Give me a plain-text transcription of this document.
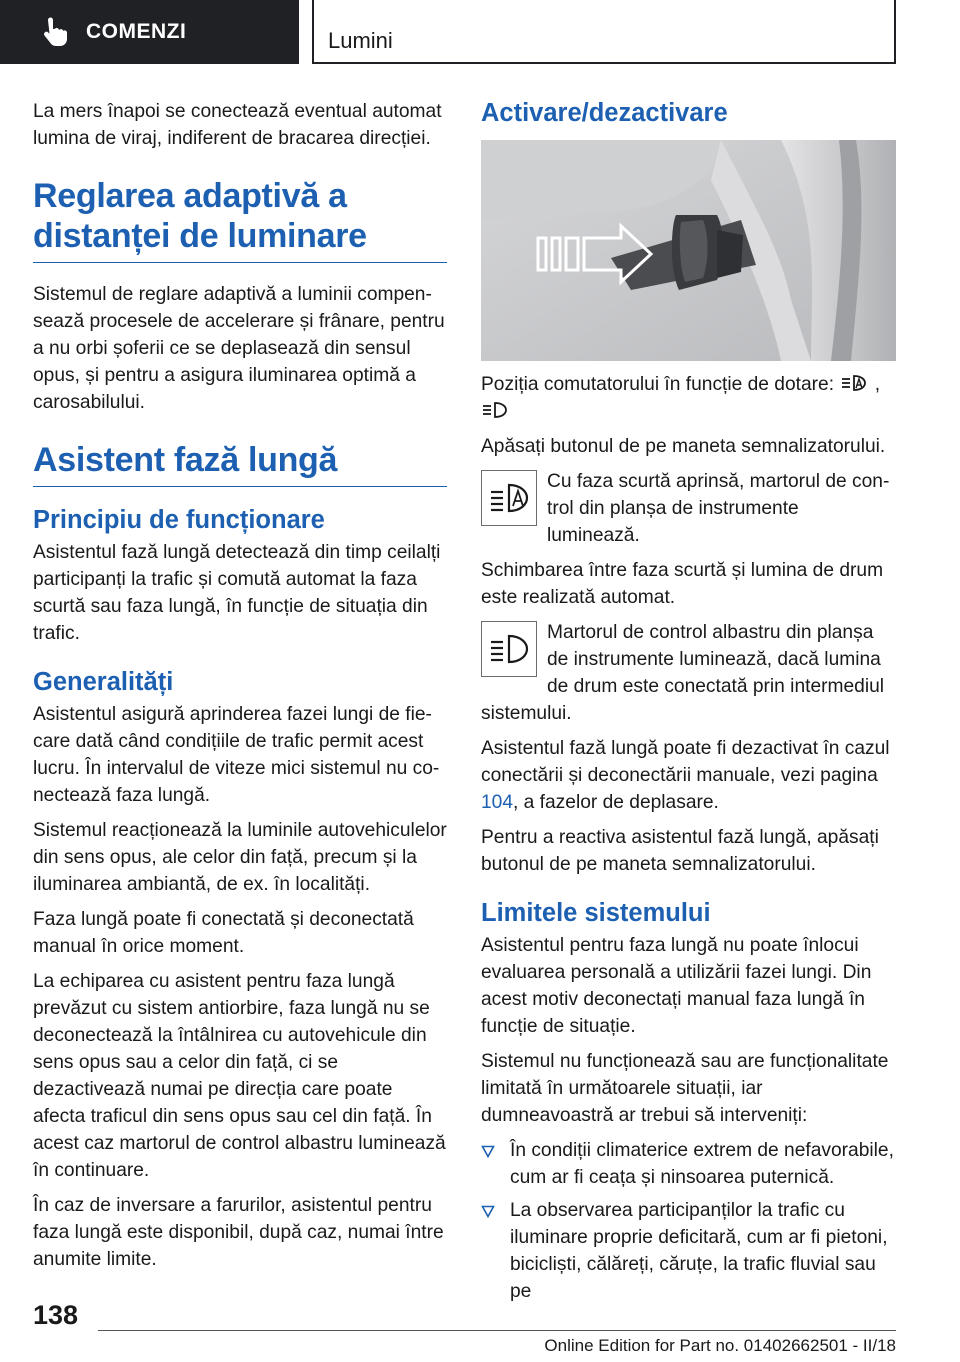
COMENZI	Lumini

La mers înapoi se conectează eventual automat lumina de viraj, indiferent de bracarea direcției.

Reglarea adaptivă a distanței de luminare

Sistemul de reglare adaptivă a luminii compensează procesele de accelerare și frânare, pentru a nu orbi șoferii ce se deplasează din sensul opus, și pentru a asigura iluminarea optimă a carosabilului.

Asistent fază lungă
Principiu de funcționare

Asistentul fază lungă detectează din timp ceilalți participanți la trafic și comută automat la faza scurtă sau faza lungă, în funcție de situația din trafic.

Generalități

Asistentul asigură aprinderea fazei lungi de fiecare dată când condițiile de trafic permit acest lucru. În intervalul de viteze mici sistemul nu conectează faza lungă.

Sistemul reacționează la luminile autovehiculelor din sens opus, ale celor din față, precum și la iluminarea ambiantă, de ex. în localități.

Faza lungă poate fi conectată și deconectată manual în orice moment.

La echiparea cu asistent pentru faza lungă prevăzut cu sistem antiorbire, faza lungă nu se deconectează la întâlnirea cu autovehicule din sens opus sau a celor din față, ci se dezactivează numai pe direcția care poate afecta traficul din sens opus sau cel din față. În acest caz martorul de control albastru luminează în continuare.

În caz de inversare a farurilor, asistentul pentru faza lungă este disponibil, după caz, numai între anumite limite.

Activare/dezactivare

Poziția comutatorului în funcție de dotare: ,

Apăsați butonul de pe maneta semnalizatorului.

Cu faza scurtă aprinsă, martorul de control din planșa de instrumente luminează.

Schimbarea între faza scurtă și lumina de drum este realizată automat.

Martorul de control albastru din planșa de instrumente luminează, dacă lumina de drum este conectată prin intermediul sistemului.

Asistentul fază lungă poate fi dezactivat în cazul conectării și deconectării manuale, vezi pagina 104, a fazelor de deplasare.

Pentru a reactiva asistentul fază lungă, apăsați butonul de pe maneta semnalizatorului.

Limitele sistemului

Asistentul pentru faza lungă nu poate înlocui evaluarea personală a utilizării fazei lungi. Din acest motiv deconectați manual faza lungă în funcție de situație.

Sistemul nu funcționează sau are funcționalitate limitată în următoarele situații, iar dumneavoastră ar trebui să interveniți:

În condiții climaterice extrem de nefavorabile, cum ar fi ceața și ninsoarea puternică.
La observarea participanților la trafic cu iluminare proprie deficitară, cum ar fi pietoni, bicicliști, călăreți, căruțe, la trafic fluvial sau pe
138
Online Edition for Part no. 01402662501 - II/18
